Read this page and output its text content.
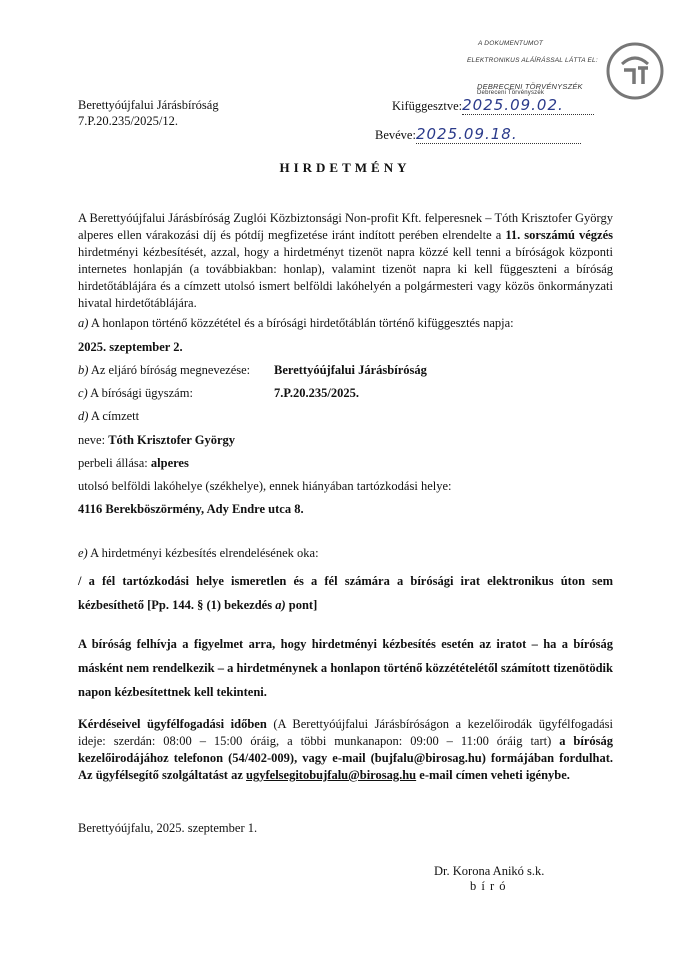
A DOKUMENTUMOT
ELEKTRONIKUS ALÁÍRÁSSAL LÁTTA EL:
DEBRECENI TÖRVÉNYSZÉK
Debreceni Törvényszék
Berettyóújfalui Járásbíróság
7.P.20.235/2025/12.
Kifüggesztve:2025.09.02.
Bevéve:2025.09.18.
HIRDETMÉNY
A Berettyóújfalui Járásbíróság Zuglói Közbiztonsági Non-profit Kft. felperesnek – Tóth Krisztofer György alperes ellen várakozási díj és pótdíj megfizetése iránt indított perében elrendelte a 11. sorszámú végzés hirdetményi kézbesítését, azzal, hogy a hirdetményt tizenöt napra közzé kell tenni a bíróságok központi internetes honlapján (a továbbiakban: honlap), valamint tizenöt napra ki kell függeszteni a bíróság hirdetőtáblájára és a címzett utolsó ismert belföldi lakóhelyén a polgármesteri vagy közös önkormányzati hivatal hirdetőtáblájára.
a) A honlapon történő közzététel és a bírósági hirdetőtáblán történő kifüggesztés napja:
2025. szeptember 2.
b) Az eljáró bíróság megnevezése: Berettyóújfalui Járásbíróság
c) A bírósági ügyszám:	7.P.20.235/2025.
d) A címzett
neve: Tóth Krisztofer György
perbeli állása: alperes
utolsó belföldi lakóhelye (székhelye), ennek hiányában tartózkodási helye:
4116 Berekböszörmény, Ady Endre utca 8.
e) A hirdetményi kézbesítés elrendelésének oka:
/ a fél tartózkodási helye ismeretlen és a fél számára a bírósági irat elektronikus úton sem kézbesíthető [Pp. 144. § (1) bekezdés a) pont]
A bíróság felhívja a figyelmet arra, hogy hirdetményi kézbesítés esetén az iratot – ha a bíróság másként nem rendelkezik – a hirdetménynek a honlapon történő közzétételétől számított tizenötödik napon kézbesítettnek kell tekinteni.
Kérdéseivel ügyfélfogadási időben (A Berettyóújfalui Járásbíróságon a kezelőirodák ügyfélfogadási ideje: szerdán: 08:00 – 15:00 óráig, a többi munkanapon: 09:00 – 11:00 óráig tart) a bíróság kezelőirodájához telefonon (54/402-009), vagy e-mail (bujfalu@birosag.hu) formájában fordulhat. Az ügyfélsegítő szolgáltatást az ugyfelsegitobujfalu@birosag.hu e-mail címen veheti igénybe.
Berettyóújfalu, 2025. szeptember 1.
Dr. Korona Anikó s.k.
b í r ó
